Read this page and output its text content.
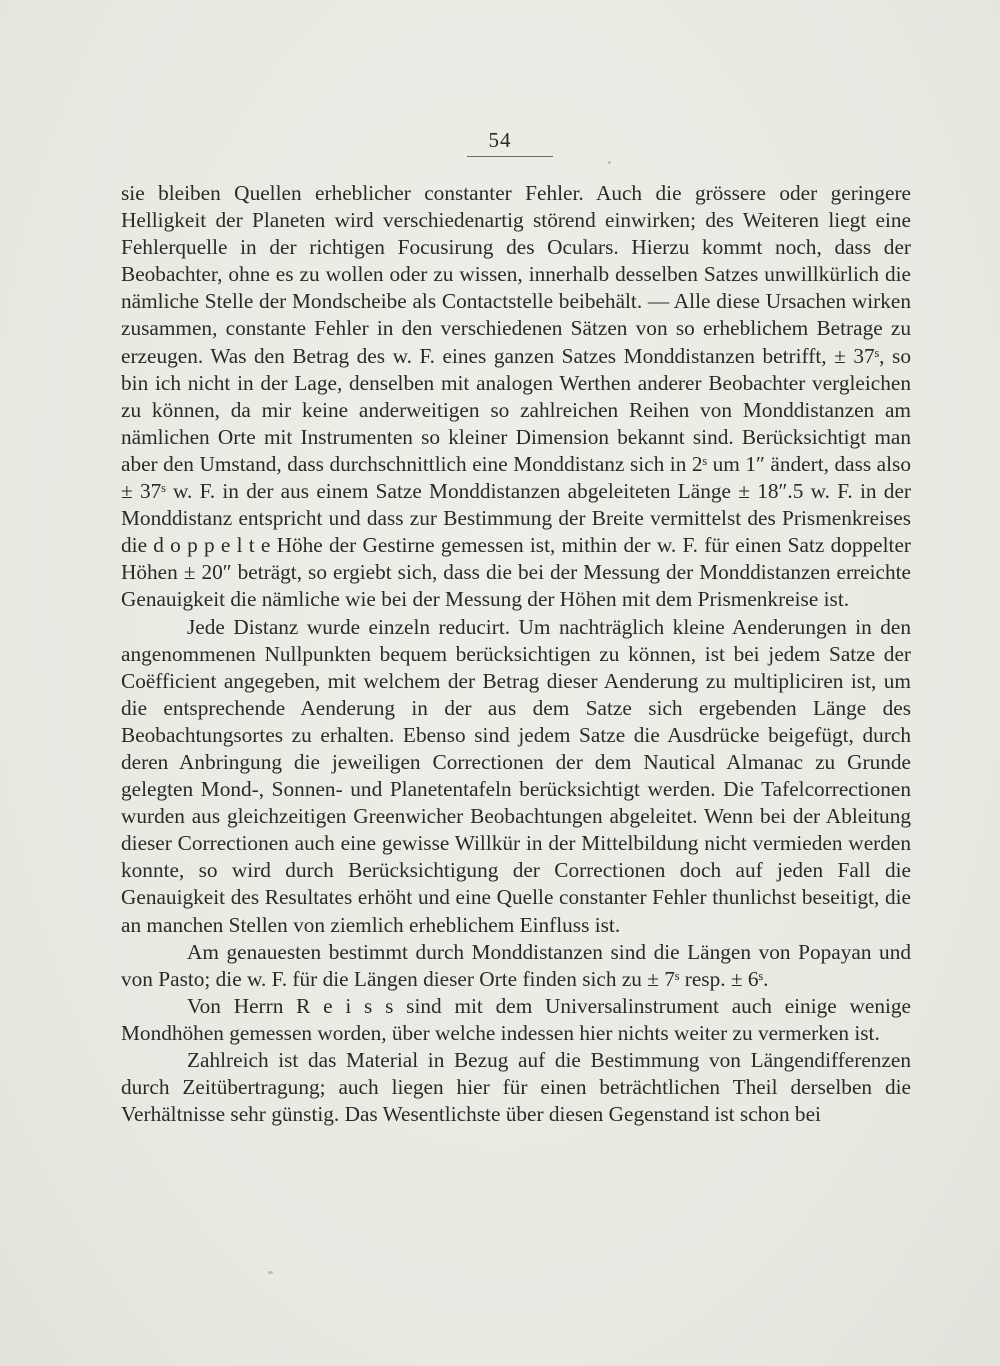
54

sie bleiben Quellen erheblicher constanter Fehler. Auch die grössere oder geringere Helligkeit der Planeten wird verschiedenartig störend einwirken; des Weiteren liegt eine Fehlerquelle in der richtigen Focusirung des Oculars. Hierzu kommt noch, dass der Beobachter, ohne es zu wollen oder zu wissen, innerhalb desselben Satzes unwillkürlich die nämliche Stelle der Mondscheibe als Contactstelle beibehält. — Alle diese Ursachen wirken zusammen, constante Fehler in den verschiedenen Sätzen von so erheblichem Betrage zu erzeugen. Was den Betrag des w. F. eines ganzen Satzes Monddistanzen betrifft, ± 37ˢ, so bin ich nicht in der Lage, denselben mit analogen Werthen anderer Beobachter vergleichen zu können, da mir keine anderweitigen so zahlreichen Reihen von Monddistanzen am nämlichen Orte mit Instrumenten so kleiner Dimension bekannt sind. Berücksichtigt man aber den Umstand, dass durchschnittlich eine Monddistanz sich in 2ˢ um 1″ ändert, dass also ± 37ˢ w. F. in der aus einem Satze Monddistanzen abgeleiteten Länge ± 18″.5 w. F. in der Monddistanz entspricht und dass zur Bestimmung der Breite vermittelst des Prismenkreises die d o p p e l t e Höhe der Gestirne gemessen ist, mithin der w. F. für einen Satz doppelter Höhen ± 20″ beträgt, so ergiebt sich, dass die bei der Messung der Monddistanzen erreichte Genauigkeit die nämliche wie bei der Messung der Höhen mit dem Prismenkreise ist.

Jede Distanz wurde einzeln reducirt. Um nachträglich kleine Aenderungen in den angenommenen Nullpunkten bequem berücksichtigen zu können, ist bei jedem Satze der Coëfficient angegeben, mit welchem der Betrag dieser Aenderung zu multipliciren ist, um die entsprechende Aenderung in der aus dem Satze sich ergebenden Länge des Beobachtungsortes zu erhalten. Ebenso sind jedem Satze die Ausdrücke beigefügt, durch deren Anbringung die jeweiligen Correctionen der dem Nautical Almanac zu Grunde gelegten Mond-, Sonnen- und Planetentafeln berücksichtigt werden. Die Tafelcorrectionen wurden aus gleichzeitigen Greenwicher Beobachtungen abgeleitet. Wenn bei der Ableitung dieser Correctionen auch eine gewisse Willkür in der Mittelbildung nicht vermieden werden konnte, so wird durch Berücksichtigung der Correctionen doch auf jeden Fall die Genauigkeit des Resultates erhöht und eine Quelle constanter Fehler thunlichst beseitigt, die an manchen Stellen von ziemlich erheblichem Einfluss ist.

Am genauesten bestimmt durch Monddistanzen sind die Längen von Popayan und von Pasto; die w. F. für die Längen dieser Orte finden sich zu ± 7ˢ resp. ± 6ˢ.

Von Herrn R e i s s sind mit dem Universalinstrument auch einige wenige Mondhöhen gemessen worden, über welche indessen hier nichts weiter zu vermerken ist.

Zahlreich ist das Material in Bezug auf die Bestimmung von Längendifferenzen durch Zeitübertragung; auch liegen hier für einen beträchtlichen Theil derselben die Verhältnisse sehr günstig. Das Wesentlichste über diesen Gegenstand ist schon bei
